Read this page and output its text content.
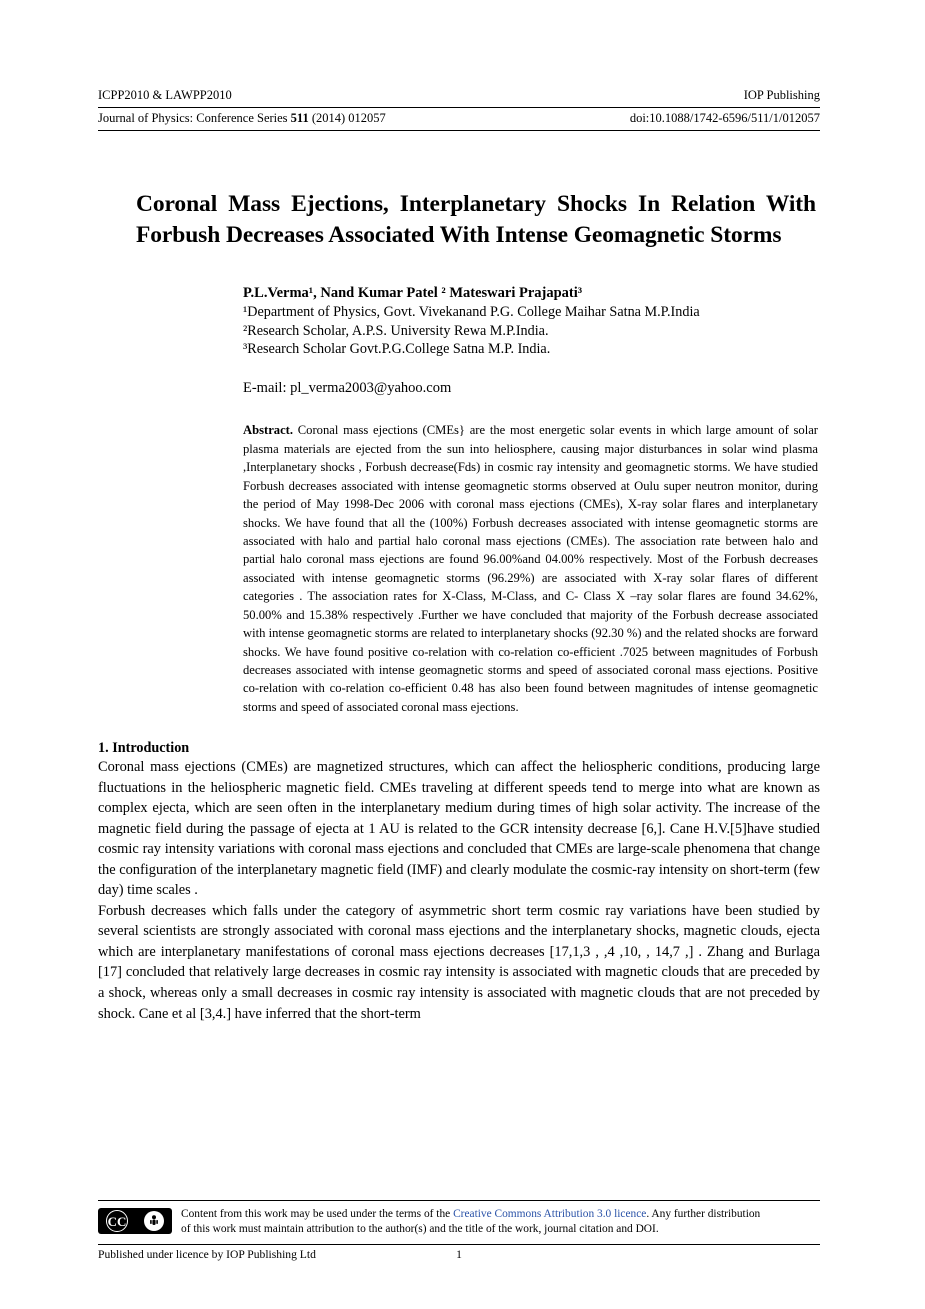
ICPP2010 & LAWPP2010	IOP Publishing
Journal of Physics: Conference Series 511 (2014) 012057	doi:10.1088/1742-6596/511/1/012057
Coronal Mass Ejections, Interplanetary Shocks In Relation With Forbush Decreases Associated With Intense Geomagnetic Storms

P.L.Verma¹, Nand Kumar Patel ² Mateswari Prajapati³

¹Department of Physics, Govt. Vivekanand P.G. College Maihar Satna M.P.India

²Research Scholar, A.P.S. University Rewa M.P.India.

³Research Scholar Govt.P.G.College Satna M.P. India.

E-mail: pl_verma2003@yahoo.com
Abstract. Coronal mass ejections (CMEs} are the most energetic solar events in which large amount of solar plasma materials are ejected from the sun into heliosphere, causing major disturbances in solar wind plasma ,Interplanetary shocks , Forbush decrease(Fds) in cosmic ray intensity and geomagnetic storms. We have studied Forbush decreases associated with intense geomagnetic storms observed at Oulu super neutron monitor, during the period of May 1998-Dec 2006 with coronal mass ejections (CMEs), X-ray solar flares and interplanetary shocks. We have found that all the (100%) Forbush decreases associated with intense geomagnetic storms are associated with halo and partial halo coronal mass ejections (CMEs). The association rate between halo and partial halo coronal mass ejections are found 96.00%and 04.00% respectively. Most of the Forbush decreases associated with intense geomagnetic storms (96.29%) are associated with X-ray solar flares of different categories . The association rates for X-Class, M-Class, and C- Class X –ray solar flares are found 34.62%, 50.00% and 15.38% respectively .Further we have concluded that majority of the Forbush decrease associated with intense geomagnetic storms are related to interplanetary shocks (92.30 %) and the related shocks are forward shocks. We have found positive co-relation with co-relation co-efficient .7025 between magnitudes of Forbush decreases associated with intense geomagnetic storms and speed of associated coronal mass ejections. Positive co-relation with co-relation co-efficient 0.48 has also been found between magnitudes of intense geomagnetic storms and speed of associated coronal mass ejections.
1. Introduction

Coronal mass ejections (CMEs) are magnetized structures, which can affect the heliospheric conditions, producing large fluctuations in the heliospheric magnetic field. CMEs traveling at different speeds tend to merge into what are known as complex ejecta, which are seen often in the interplanetary medium during times of high solar activity. The increase of the magnetic field during the passage of ejecta at 1 AU is related to the GCR intensity decrease [6,]. Cane H.V.[5]have studied cosmic ray intensity variations with coronal mass ejections and concluded that CMEs are large-scale phenomena that change the configuration of the interplanetary magnetic field (IMF) and clearly modulate the cosmic-ray intensity on short-term (few day) time scales .

Forbush decreases which falls under the category of asymmetric short term cosmic ray variations have been studied by several scientists are strongly associated with coronal mass ejections and the interplanetary shocks, magnetic clouds, ejecta which are interplanetary manifestations of coronal mass ejections decreases [17,1,3 , ,4 ,10, , 14,7 ,] . Zhang and Burlaga [17] concluded that relatively large decreases in cosmic ray intensity is associated with magnetic clouds that are preceded by a shock, whereas only a small decreases in cosmic ray intensity is associated with magnetic clouds that are not preceded by shock. Cane et al [3,4.] have inferred that the short-term

CC	Content from this work may be used under the terms of the Creative Commons Attribution 3.0 licence. Any further distribution
of this work must maintain attribution to the author(s) and the title of the work, journal citation and DOI.
Published under licence by IOP Publishing Ltd	1
